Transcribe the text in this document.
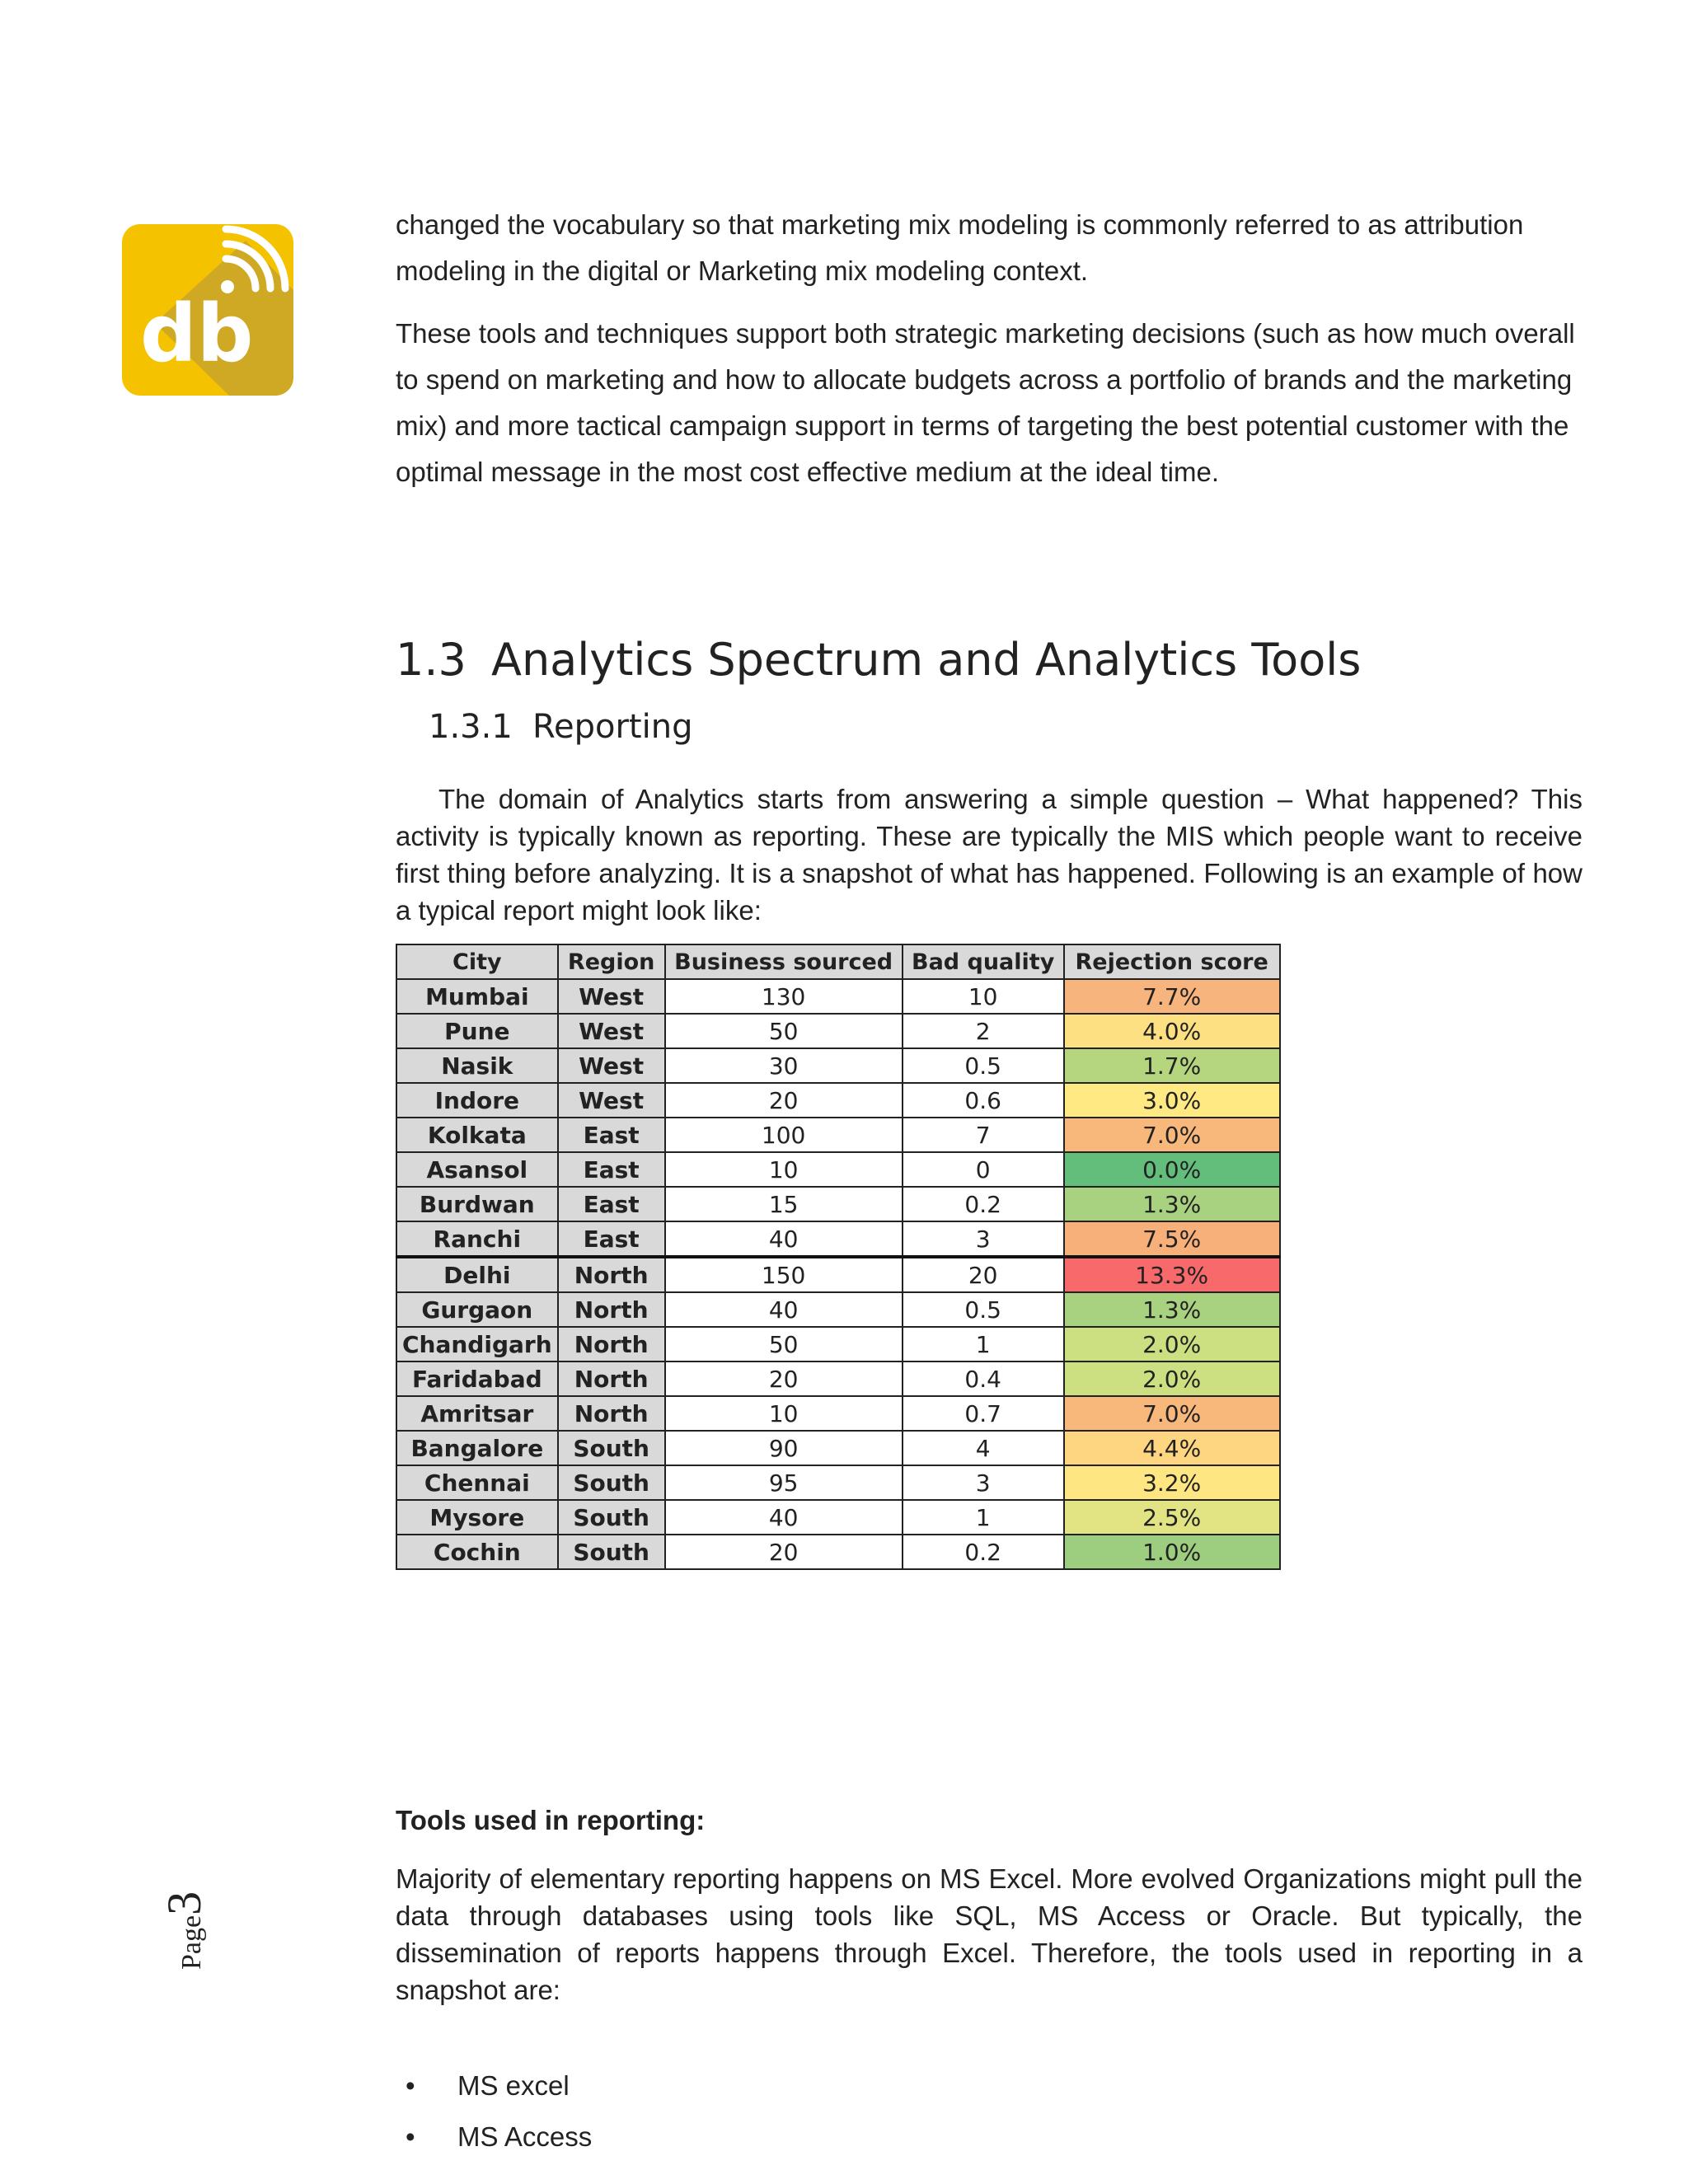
db
Page3

changed the vocabulary so that marketing mix modeling is commonly referred to as attribution modeling in the digital or Marketing mix modeling context.

These tools and techniques support both strategic marketing decisions (such as how much overall to spend on marketing and how to allocate budgets across a portfolio of brands and the marketing mix) and more tactical campaign support in terms of targeting the best potential customer with the optimal message in the most cost effective medium at the ideal time.

1.3 Analytics Spectrum and Analytics Tools
1.3.1 Reporting

The domain of Analytics starts from answering a simple question – What happened? This activity is typically known as reporting. These are typically the MIS which people want to receive first thing before analyzing. It is a snapshot of what has happened. Following is an example of how a typical report might look like:

City	Region	Business sourced	Bad quality	Rejection score
Mumbai	West	130	10	7.7%
Pune	West	50	2	4.0%
Nasik	West	30	0.5	1.7%
Indore	West	20	0.6	3.0%
Kolkata	East	100	7	7.0%
Asansol	East	10	0	0.0%
Burdwan	East	15	0.2	1.3%
Ranchi	East	40	3	7.5%
Delhi	North	150	20	13.3%
Gurgaon	North	40	0.5	1.3%
Chandigarh	North	50	1	2.0%
Faridabad	North	20	0.4	2.0%
Amritsar	North	10	0.7	7.0%
Bangalore	South	90	4	4.4%
Chennai	South	95	3	3.2%
Mysore	South	40	1	2.5%
Cochin	South	20	0.2	1.0%

Tools used in reporting:

Majority of elementary reporting happens on MS Excel. More evolved Organizations might pull the data through databases using tools like SQL, MS Access or Oracle. But typically, the dissemination of reports happens through Excel. Therefore, the tools used in reporting in a snapshot are:

• MS excel
• MS Access
